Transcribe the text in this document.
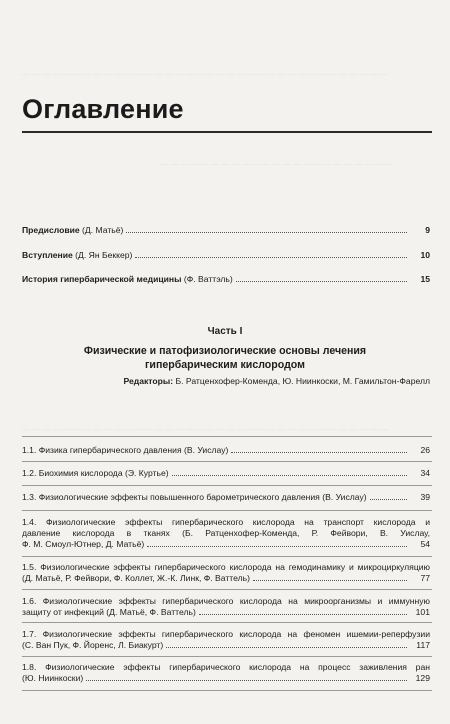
— — — — — — — — — — — — — — — — — — — — — — — — — — — — — — — — — — — —
— — — — — — — — — — — — — — — — — — — — — — —
— — — — — — — — — — — — — — — — — — — — — — — — — — — — — — — — — — — —
Оглавление
Предисловие (Д. Матьё)	9
Вступление (Д. Ян Беккер)	10
История гипербарической медицины (Ф. Ваттэль)	15
Часть I
Физические и патофизиологические основы лечения гипербарическим кислородом
Редакторы: Б. Ратценхофер-Коменда, Ю. Ниинкоски, М. Гамильтон-Фарелл
1.1. Физика гипербарического давления (В. Уислау)	26
1.2. Биохимия кислорода (Э. Куртье)	34
1.3. Физиологические эффекты повышенного барометрического давления (В. Уислау)	39
1.4. Физиологические эффекты гипербарического кислорода на транспорт кислорода и
давление кислорода в тканях (Б. Ратценхофер-Коменда, Р. Фейвори, В. Уислау,
Ф. М. Смоул-Ютнер, Д. Матьё)	54
1.5. Физиологические эффекты гипербарического кислорода на гемодинамику и микроциркуляцию
(Д. Матьё, Р. Фейвори, Ф. Коллет, Ж.-К. Линк, Ф. Ваттель)	77
1.6. Физиологические эффекты гипербарического кислорода на микроорганизмы и иммунную
защиту от инфекций (Д. Матьё, Ф. Ваттель)	101
1.7. Физиологические эффекты гипербарического кислорода на феномен ишемии-реперфузии
(С. Ван Пук, Ф. Йоренс, Л. Биакурт)	117
1.8. Физиологические эффекты гипербарического кислорода на процесс заживления ран
(Ю. Ниинкоски)	129
